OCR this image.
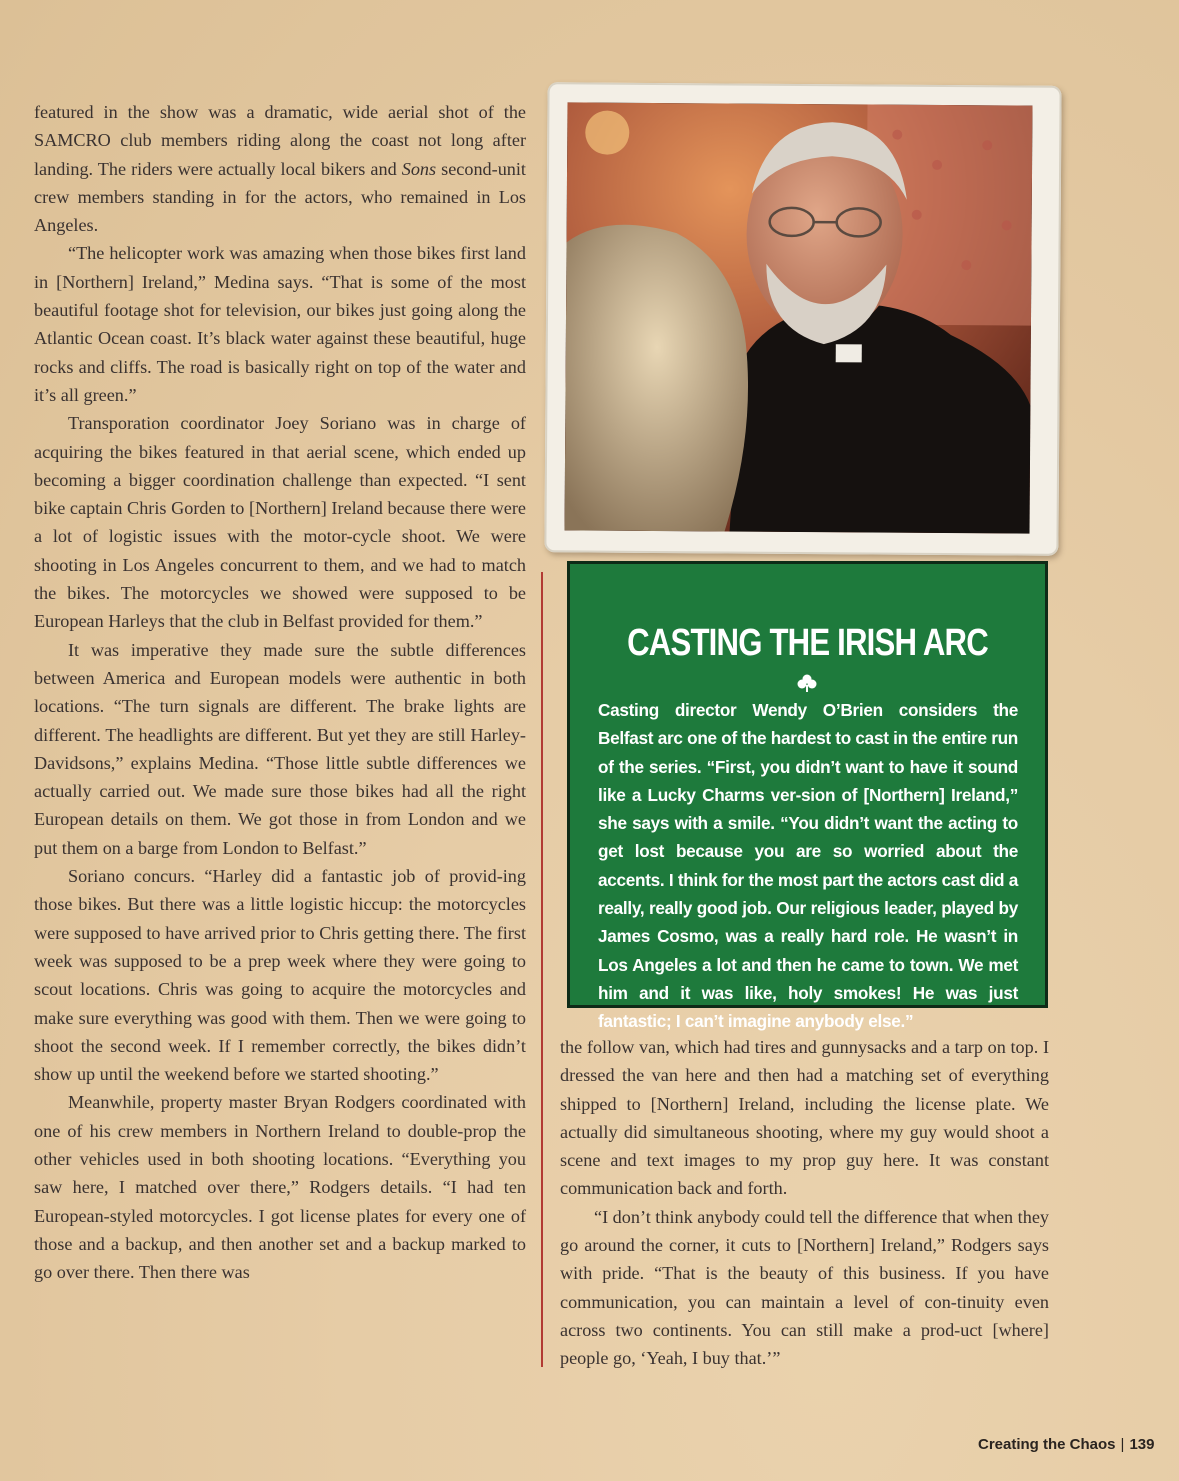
featured in the show was a dramatic, wide aerial shot of the SAMCRO club members riding along the coast not long after landing. The riders were actually local bikers and Sons second-unit crew members standing in for the actors, who remained in Los Angeles.

“The helicopter work was amazing when those bikes first land in [Northern] Ireland,” Medina says. “That is some of the most beautiful footage shot for television, our bikes just going along the Atlantic Ocean coast. It’s black water against these beautiful, huge rocks and cliffs. The road is basically right on top of the water and it’s all green.”

Transporation coordinator Joey Soriano was in charge of acquiring the bikes featured in that aerial scene, which ended up becoming a bigger coordination challenge than expected. “I sent bike captain Chris Gorden to [Northern] Ireland because there were a lot of logistic issues with the motor-cycle shoot. We were shooting in Los Angeles concurrent to them, and we had to match the bikes. The motorcycles we showed were supposed to be European Harleys that the club in Belfast provided for them.”

It was imperative they made sure the subtle differences between America and European models were authentic in both locations. “The turn signals are different. The brake lights are different. The headlights are different. But yet they are still Harley-Davidsons,” explains Medina. “Those little subtle differences we actually carried out. We made sure those bikes had all the right European details on them. We got those in from London and we put them on a barge from London to Belfast.”

Soriano concurs. “Harley did a fantastic job of provid-ing those bikes. But there was a little logistic hiccup: the motorcycles were supposed to have arrived prior to Chris getting there. The first week was supposed to be a prep week where they were going to scout locations. Chris was going to acquire the motorcycles and make sure everything was good with them. Then we were going to shoot the second week. If I remember correctly, the bikes didn’t show up until the weekend before we started shooting.”

Meanwhile, property master Bryan Rodgers coordinated with one of his crew members in Northern Ireland to double-prop the other vehicles used in both shooting locations. “Everything you saw here, I matched over there,” Rodgers details. “I had ten European-styled motorcycles. I got license plates for every one of those and a backup, and then another set and a backup marked to go over there. Then there was

CASTING THE IRISH ARC
Casting director Wendy O’Brien considers the Belfast arc one of the hardest to cast in the entire run of the series. “First, you didn’t want to have it sound like a Lucky Charms ver-sion of [Northern] Ireland,” she says with a smile. “You didn’t want the acting to get lost because you are so worried about the accents. I think for the most part the actors cast did a really, really good job. Our religious leader, played by James Cosmo, was a really hard role. He wasn’t in Los Angeles a lot and then he came to town. We met him and it was like, holy smokes! He was just fantastic; I can’t imagine anybody else.”

the follow van, which had tires and gunnysacks and a tarp on top. I dressed the van here and then had a matching set of everything shipped to [Northern] Ireland, including the license plate. We actually did simultaneous shooting, where my guy would shoot a scene and text images to my prop guy here. It was constant communication back and forth.

“I don’t think anybody could tell the difference that when they go around the corner, it cuts to [Northern] Ireland,” Rodgers says with pride. “That is the beauty of this business. If you have communication, you can maintain a level of con-tinuity even across two continents. You can still make a prod-uct [where] people go, ‘Yeah, I buy that.’”

Creating the Chaos | 139
